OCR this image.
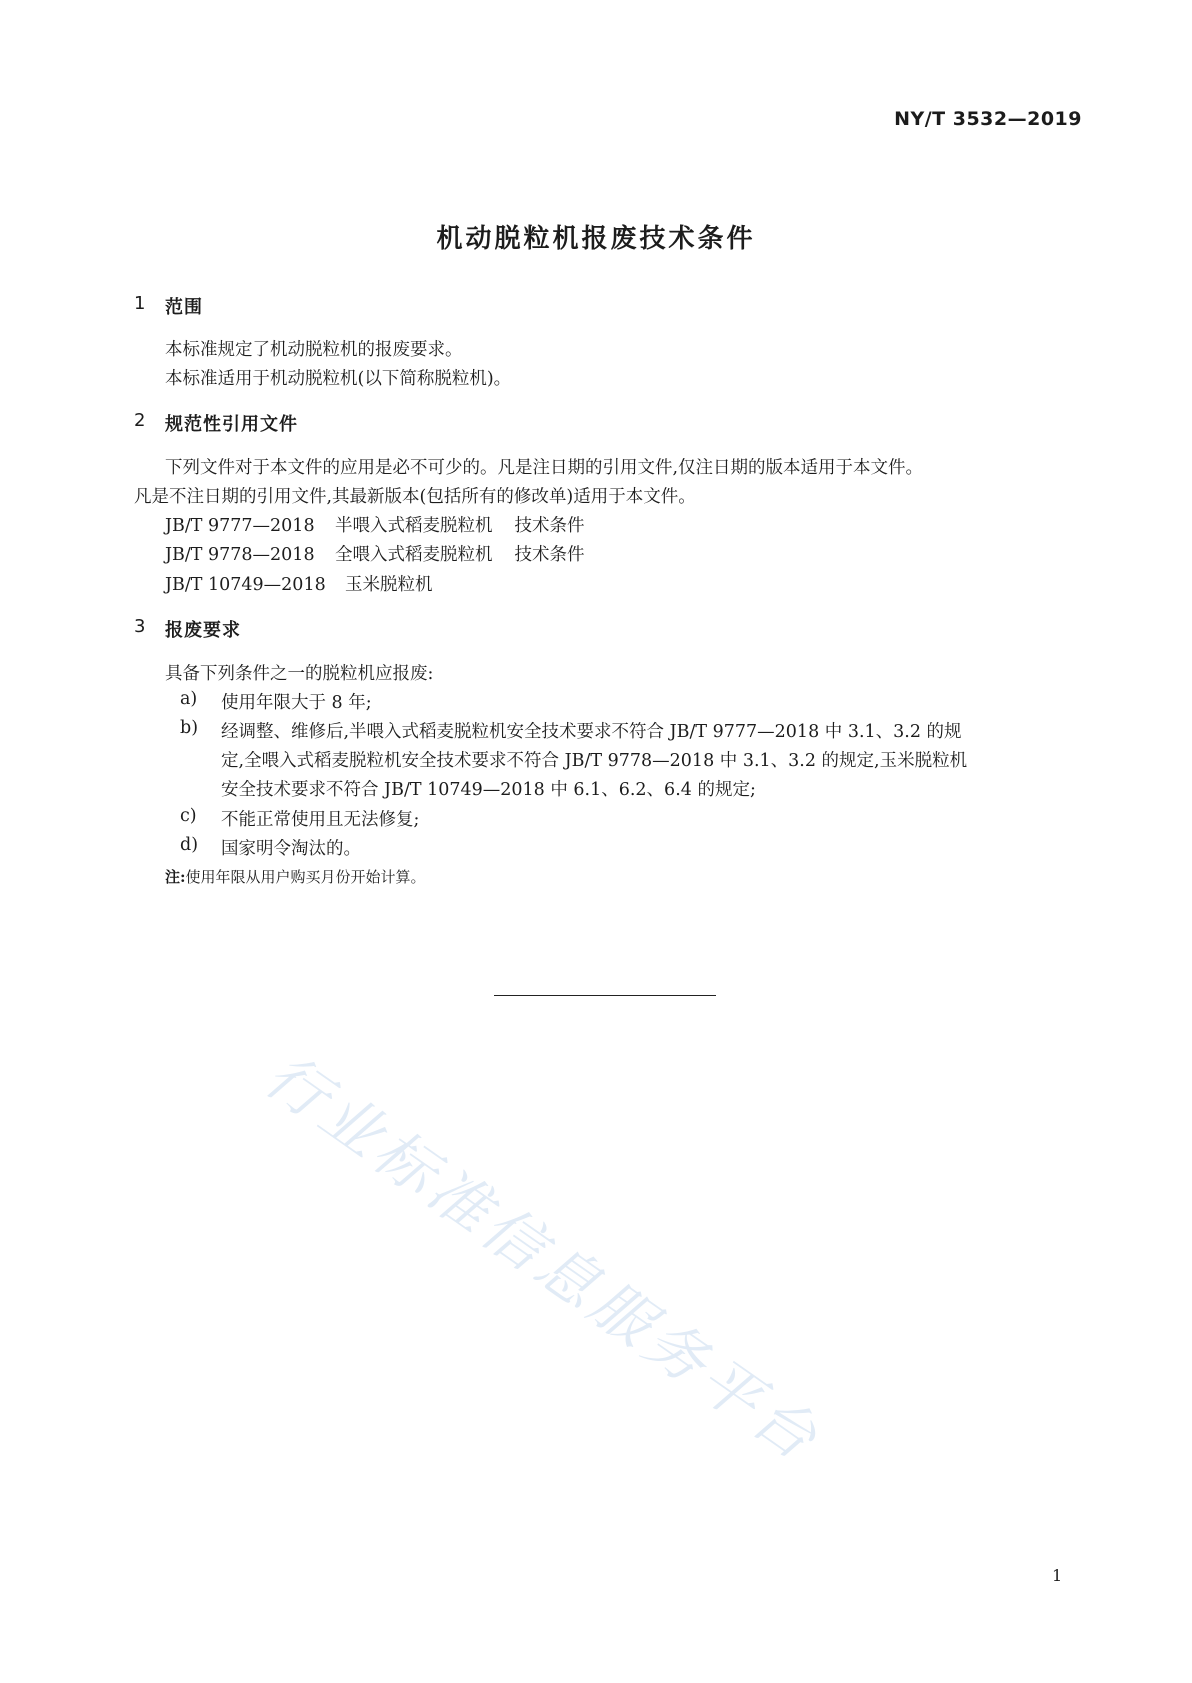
NY/T 3532—2019
机动脱粒机报废技术条件
1 范围
本标准规定了机动脱粒机的报废要求。
本标准适用于机动脱粒机(以下简称脱粒机)。
2 规范性引用文件
下列文件对于本文件的应用是必不可少的。凡是注日期的引用文件,仅注日期的版本适用于本文件。
凡是不注日期的引用文件,其最新版本(包括所有的修改单)适用于本文件。
JB/T 9777—2018 半喂入式稻麦脱粒机 技术条件
JB/T 9778—2018 全喂入式稻麦脱粒机 技术条件
JB/T 10749—2018 玉米脱粒机
3 报废要求
具备下列条件之一的脱粒机应报废:
a) 使用年限大于 8 年;
b) 经调整、维修后,半喂入式稻麦脱粒机安全技术要求不符合 JB/T 9777—2018 中 3.1、3.2 的规
定,全喂入式稻麦脱粒机安全技术要求不符合 JB/T 9778—2018 中 3.1、3.2 的规定,玉米脱粒机
安全技术要求不符合 JB/T 10749—2018 中 6.1、6.2、6.4 的规定;
c) 不能正常使用且无法修复;
d) 国家明令淘汰的。
注:使用年限从用户购买月份开始计算。
行业标准信息服务平台
1
